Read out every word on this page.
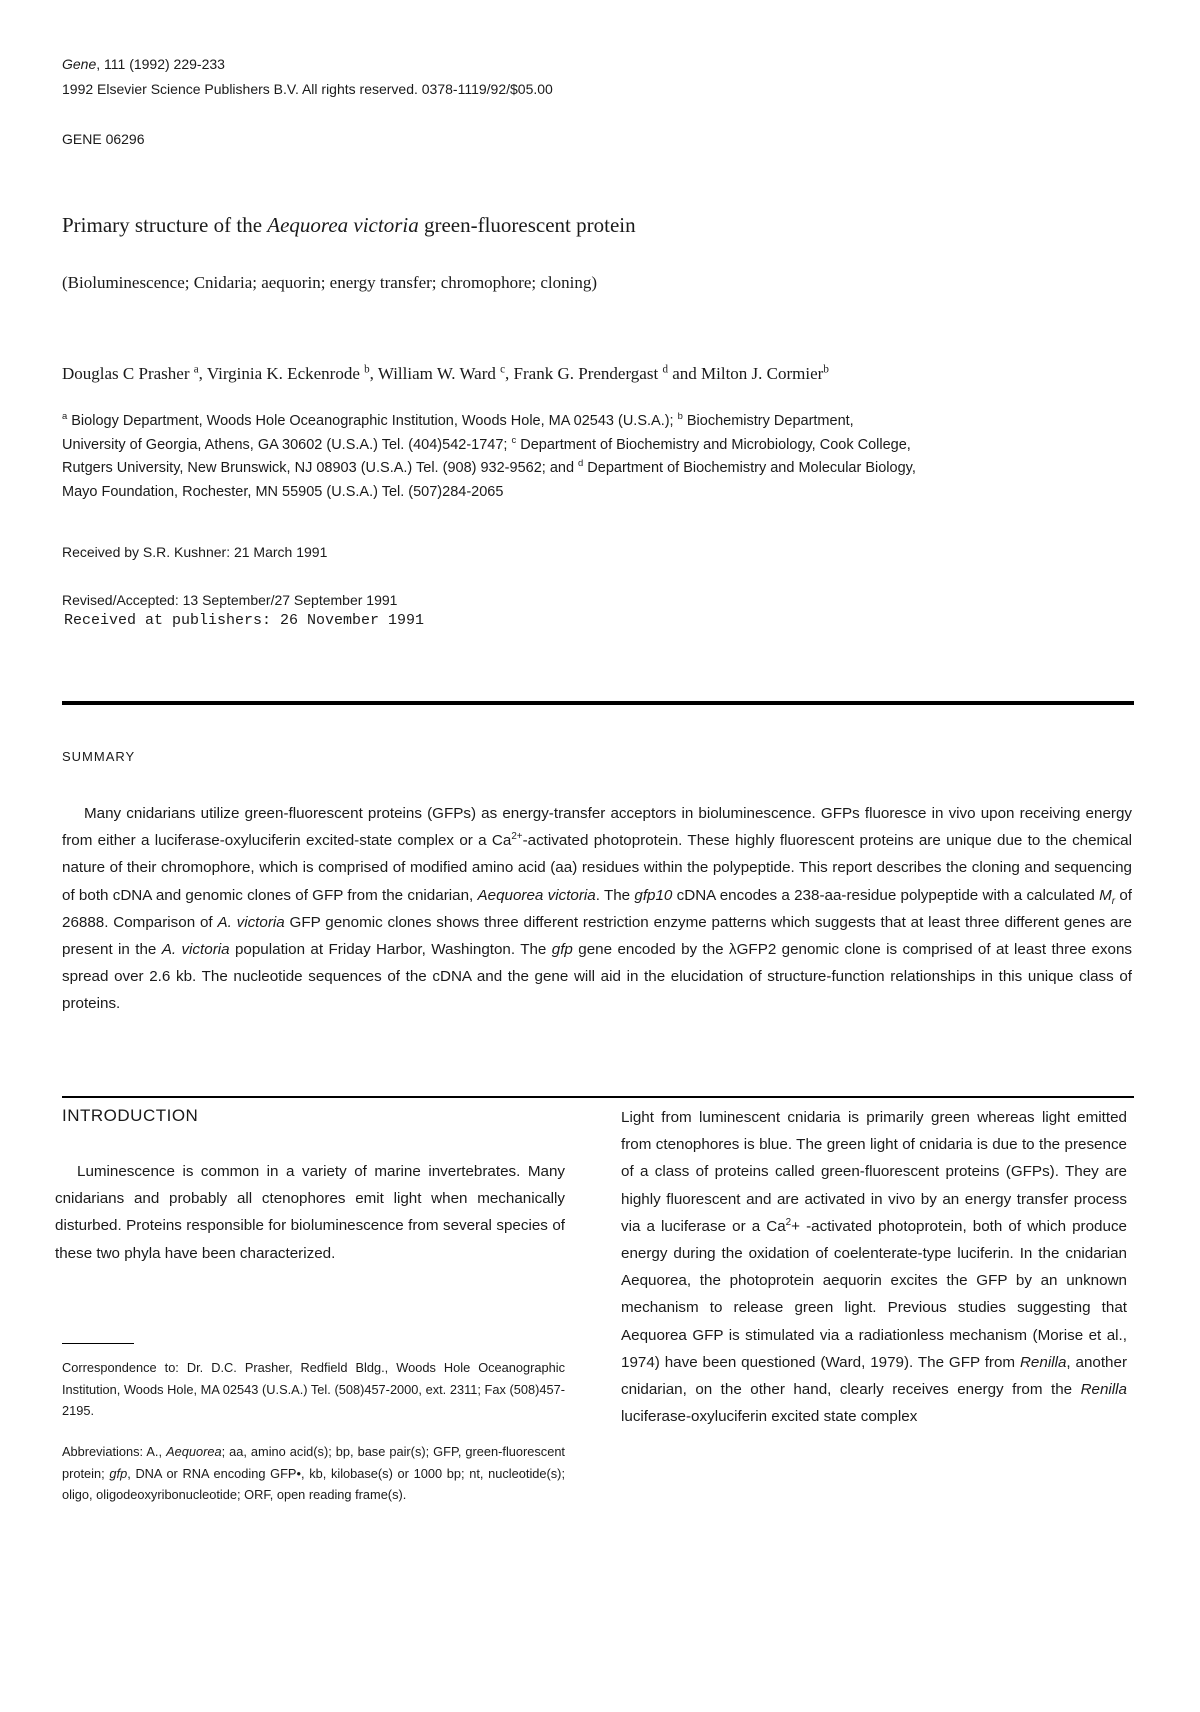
Gene, 111 (1992) 229-233
1992 Elsevier Science Publishers B.V. All rights reserved. 0378-1119/92/$05.00
GENE 06296
Primary structure of the Aequorea victoria green-fluorescent protein
(Bioluminescence; Cnidaria; aequorin; energy transfer; chromophore; cloning)
Douglas C Prasher $^a$, Virginia K. Eckenrode $^b$, William W. Ward $^c$, Frank G. Prendergast $^d$ and Milton J. Cormier$^b$
$^a$ Biology Department, Woods Hole Oceanographic Institution, Woods Hole, MA 02543 (U.S.A.); $^b$ Biochemistry Department,
University of Georgia, Athens, GA 30602 (U.S.A.) Tel. (404)542-1747; $^c$ Department of Biochemistry and Microbiology, Cook College,
Rutgers University, New Brunswick, NJ 08903 (U.S.A.) Tel. (908) 932-9562; and $^d$ Department of Biochemistry and Molecular Biology,
Mayo Foundation, Rochester, MN 55905 (U.S.A.) Tel. (507)284-2065
Received by S.R. Kushner: 21 March 1991
Revised/Accepted: 13 September/27 September 1991
Received at publishers: 26 November 1991
SUMMARY

Many cnidarians utilize green-fluorescent proteins (GFPs) as energy-transfer acceptors in bioluminescence. GFPs fluoresce in vivo upon receiving energy from either a luciferase-oxyluciferin excited-state complex or a $Ca^{2+}$-activated photoprotein. These highly fluorescent proteins are unique due to the chemical nature of their chromophore, which is comprised of modified amino acid (aa) residues within the polypeptide. This report describes the cloning and sequencing of both cDNA and genomic clones of GFP from the cnidarian, Aequorea victoria. The gfp10 cDNA encodes a 238-aa-residue polypeptide with a calculated $M_r$ of 26888. Comparison of A. victoria GFP genomic clones shows three different restriction enzyme patterns which suggests that at least three different genes are present in the A. victoria population at Friday Harbor, Washington. The gfp gene encoded by the λGFP2 genomic clone is comprised of at least three exons spread over 2.6 kb. The nucleotide sequences of the cDNA and the gene will aid in the elucidation of structure-function relationships in this unique class of proteins.

INTRODUCTION

Luminescence is common in a variety of marine invertebrates. Many cnidarians and probably all ctenophores emit light when mechanically disturbed. Proteins responsible for bioluminescence from several species of these two phyla have been characterized.

Correspondence to: Dr. D.C. Prasher, Redfield Bldg., Woods Hole Oceanographic Institution, Woods Hole, MA 02543 (U.S.A.) Tel. (508)457-2000, ext. 2311; Fax (508)457-2195.

Abbreviations: A., Aequorea; aa, amino acid(s); bp, base pair(s); GFP, green-fluorescent protein; gfp, DNA or RNA encoding GFP•, kb, kilobase(s) or 1000 bp; nt, nucleotide(s); oligo, oligodeoxyribonucleotide; ORF, open reading frame(s).

Light from luminescent cnidaria is primarily green whereas light emitted from ctenophores is blue. The green light of cnidaria is due to the presence of a class of proteins called green-fluorescent proteins (GFPs). They are highly fluorescent and are activated in vivo by an energy transfer process via a luciferase or a $Ca^2+$ -activated photoprotein, both of which produce energy during the oxidation of coelenterate-type luciferin. In the cnidarian Aequorea, the photoprotein aequorin excites the GFP by an unknown mechanism to release green light. Previous studies suggesting that Aequorea GFP is stimulated via a radiationless mechanism (Morise et al., 1974) have been questioned (Ward, 1979). The GFP from Renilla, another cnidarian, on the other hand, clearly receives energy from the Renilla luciferase-oxyluciferin excited state complex
